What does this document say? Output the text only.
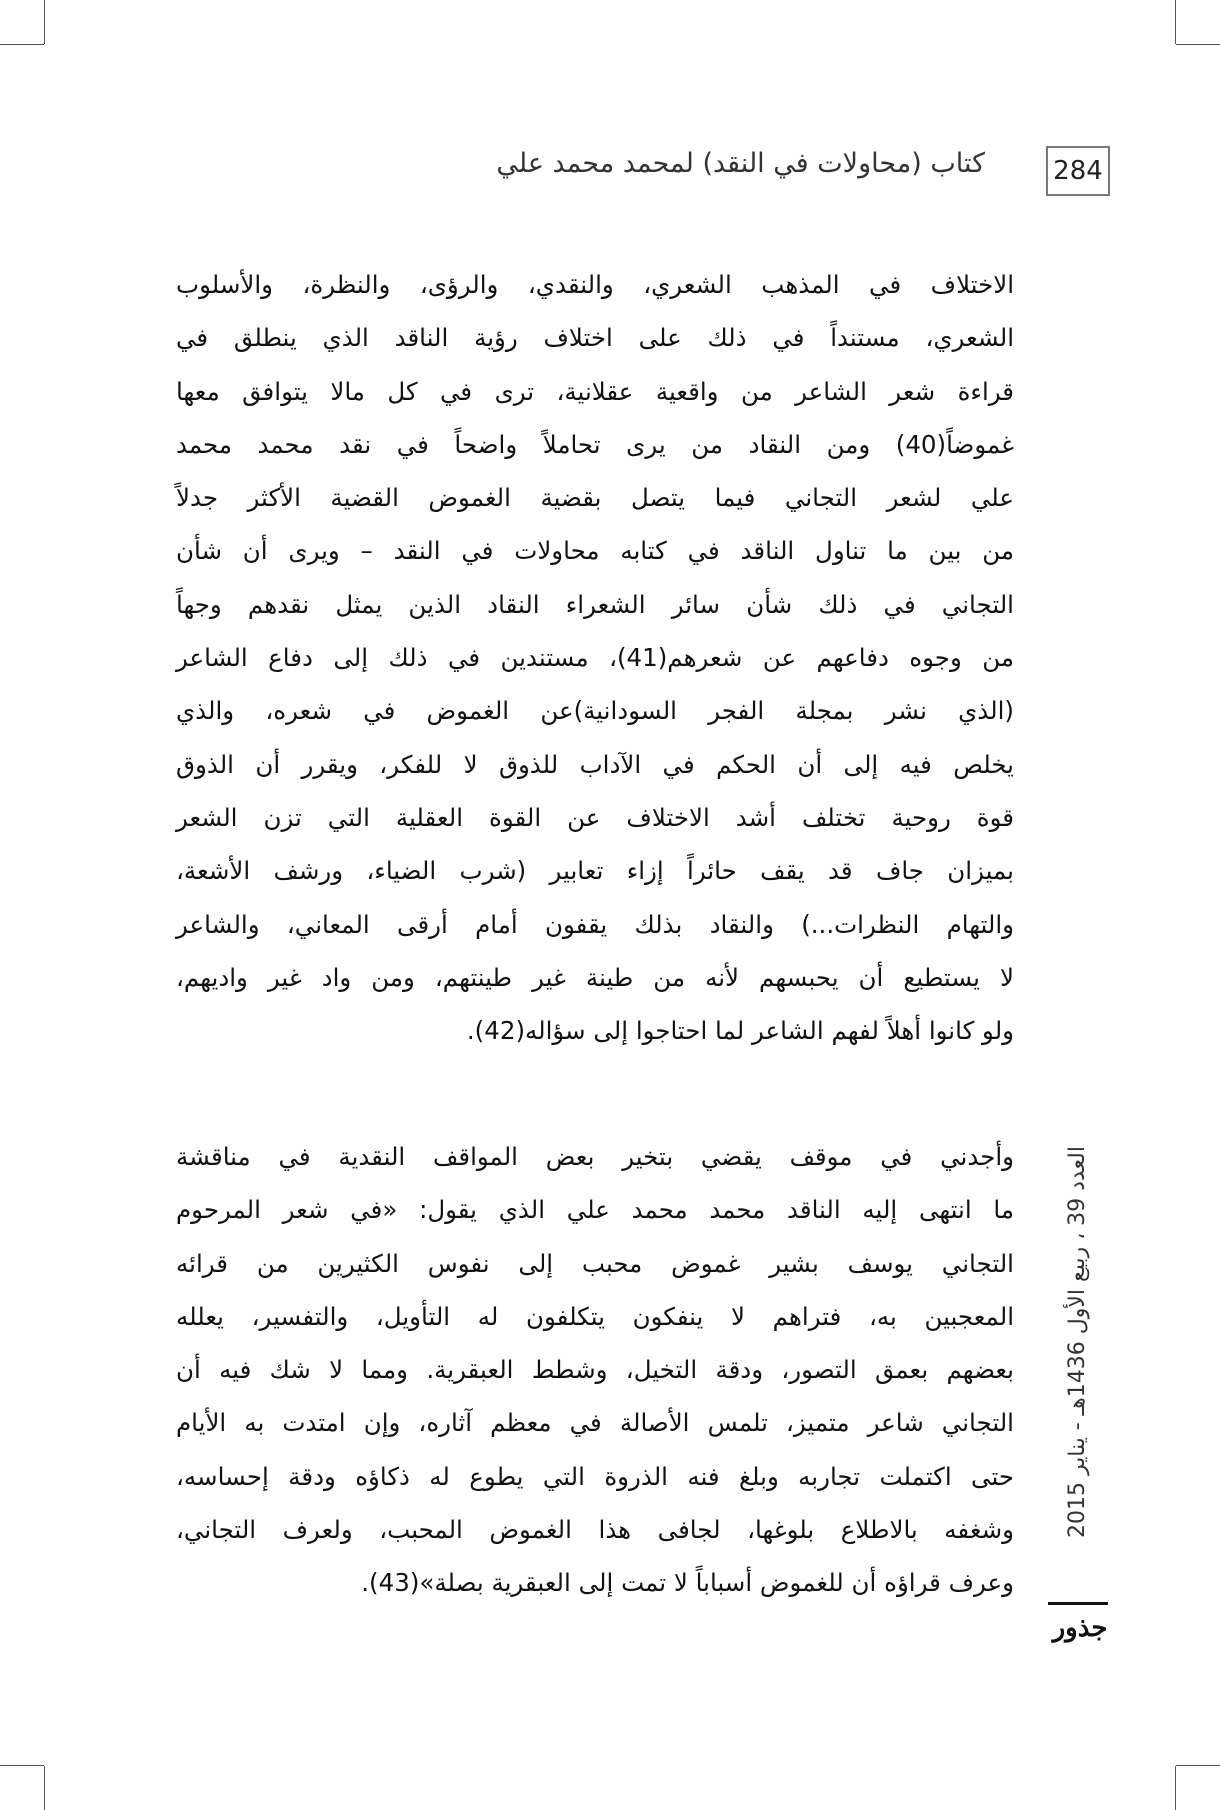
284
كتاب (محاولات في النقد) لمحمد محمد علي
الاختلاف في المذهب الشعري، والنقدي، والرؤى، والنظرة، والأسلوب
الشعري، مستنداً في ذلك على اختلاف رؤية الناقد الذي ينطلق في
قراءة شعر الشاعر من واقعية عقلانية، ترى في كل مالا يتوافق معها
غموضاً(40) ومن النقاد من يرى تحاملاً واضحاً في نقد محمد محمد
علي لشعر التجاني فيما يتصل بقضية الغموض القضية الأكثر جدلاً
من بين ما تناول الناقد في كتابه محاولات في النقد – ويرى أن شأن
التجاني في ذلك شأن سائر الشعراء النقاد الذين يمثل نقدهم وجهاً
من وجوه دفاعهم عن شعرهم(41)، مستندين في ذلك إلى دفاع الشاعر
(الذي نشر بمجلة الفجر السودانية)عن الغموض في شعره، والذي
يخلص فيه إلى أن الحكم في الآداب للذوق لا للفكر، ويقرر أن الذوق
قوة روحية تختلف أشد الاختلاف عن القوة العقلية التي تزن الشعر
بميزان جاف قد يقف حائراً إزاء تعابير (شرب الضياء، ورشف الأشعة،
والتهام النظرات...) والنقاد بذلك يقفون أمام أرقى المعاني، والشاعر
لا يستطيع أن يحبسهم لأنه من طينة غير طينتهم، ومن واد غير واديهم،
ولو كانوا أهلاً لفهم الشاعر لما احتاجوا إلى سؤاله(42).
وأجدني في موقف يقضي بتخير بعض المواقف النقدية في مناقشة
ما انتهى إليه الناقد محمد محمد علي الذي يقول: «في شعر المرحوم
التجاني يوسف بشير غموض محبب إلى نفوس الكثيرين من قرائه
المعجبين به، فتراهم لا ينفكون يتكلفون له التأويل، والتفسير، يعلله
بعضهم بعمق التصور، ودقة التخيل، وشطط العبقرية. ومما لا شك فيه أن
التجاني شاعر متميز، تلمس الأصالة في معظم آثاره، وإن امتدت به الأيام
حتى اكتملت تجاربه وبلغ فنه الذروة التي يطوع له ذكاؤه ودقة إحساسه،
وشغفه بالاطلاع بلوغها، لجافى هذا الغموض المحبب، ولعرف التجاني،
وعرف قراؤه أن للغموض أسباباً لا تمت إلى العبقرية بصلة»(43).
العدد 39 ، ربيع الأول 1436هـ - يناير 2015
جذور
